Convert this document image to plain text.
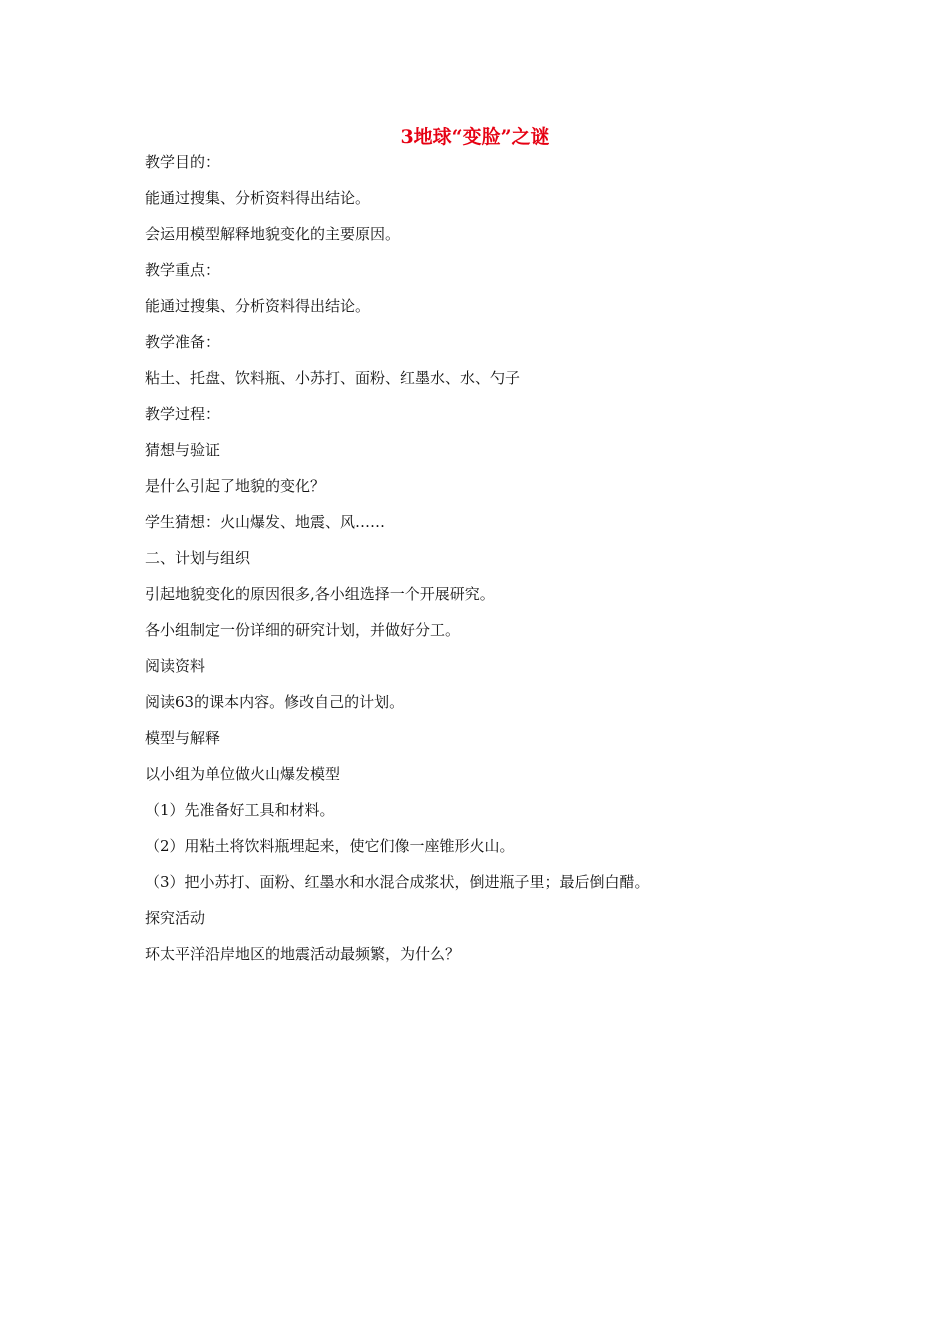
3地球“变脸”之谜
教学目的：
能通过搜集、分析资料得出结论。
会运用模型解释地貌变化的主要原因。
教学重点：
能通过搜集、分析资料得出结论。
教学准备：
粘土、托盘、饮料瓶、小苏打、面粉、红墨水、水、勺子
教学过程：
猜想与验证
是什么引起了地貌的变化？
学生猜想：火山爆发、地震、风……
二、计划与组织
引起地貌变化的原因很多,各小组选择一个开展研究。
各小组制定一份详细的研究计划，并做好分工。
阅读资料
阅读63的课本内容。修改自己的计划。
模型与解释
以小组为单位做火山爆发模型
（1）先准备好工具和材料。
（2）用粘土将饮料瓶埋起来，使它们像一座锥形火山。
（3）把小苏打、面粉、红墨水和水混合成浆状，倒进瓶子里；最后倒白醋。
探究活动
环太平洋沿岸地区的地震活动最频繁，为什么？
